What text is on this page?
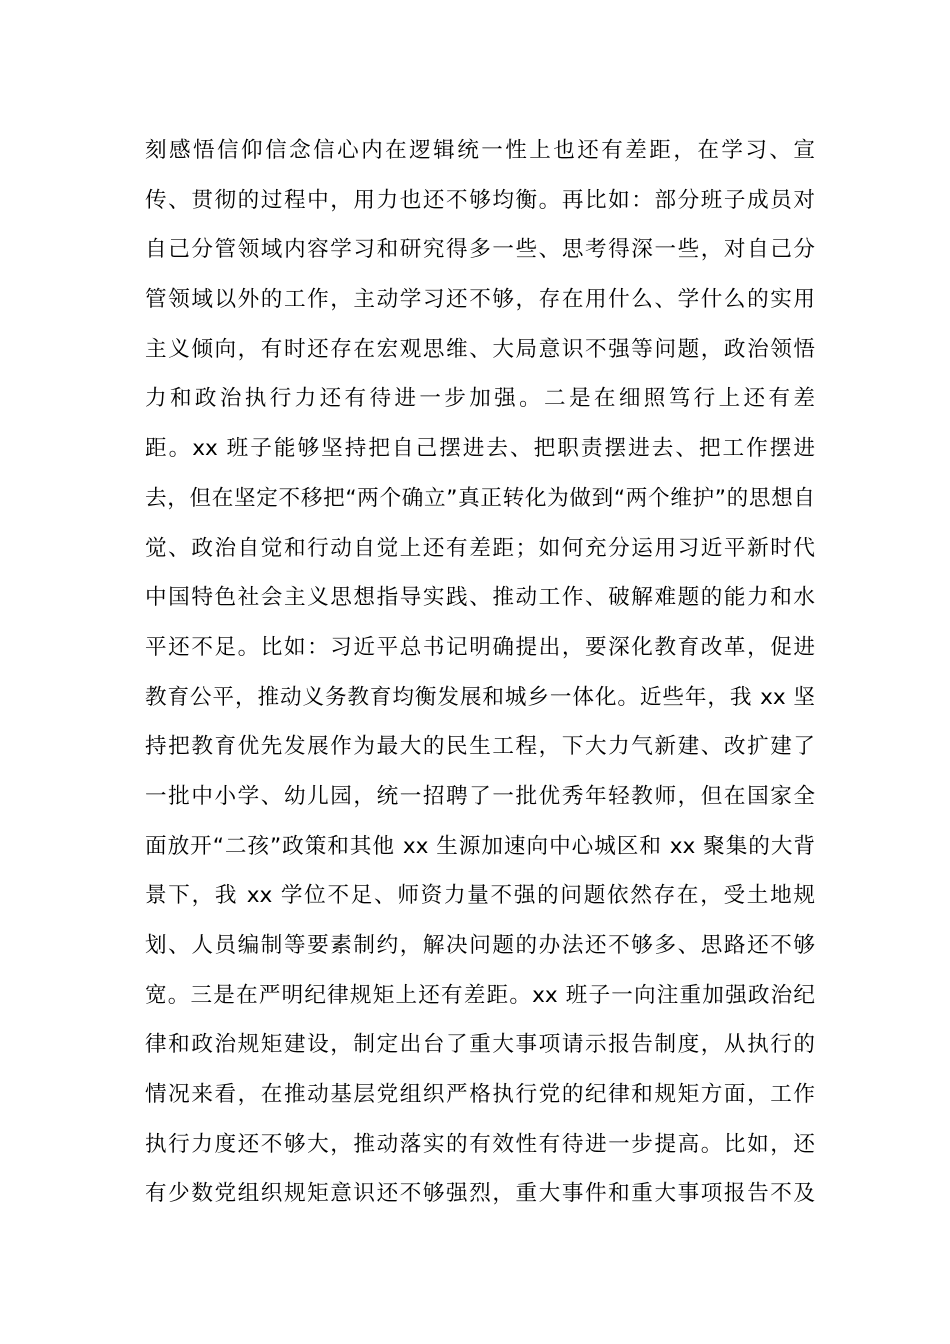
刻感悟信仰信念信心内在逻辑统一性上也还有差距，在学习、宣
传、贯彻的过程中，用力也还不够均衡。再比如：部分班子成员对
自己分管领域内容学习和研究得多一些、思考得深一些，对自己分
管领域以外的工作，主动学习还不够，存在用什么、学什么的实用
主义倾向，有时还存在宏观思维、大局意识不强等问题，政治领悟
力和政治执行力还有待进一步加强。二是在细照笃行上还有差
距。xx 班子能够坚持把自己摆进去、把职责摆进去、把工作摆进
去，但在坚定不移把“两个确立”真正转化为做到“两个维护”的思想自
觉、政治自觉和行动自觉上还有差距；如何充分运用习近平新时代
中国特色社会主义思想指导实践、推动工作、破解难题的能力和水
平还不足。比如：习近平总书记明确提出，要深化教育改革，促进
教育公平，推动义务教育均衡发展和城乡一体化。近些年，我 xx 坚
持把教育优先发展作为最大的民生工程，下大力气新建、改扩建了
一批中小学、幼儿园，统一招聘了一批优秀年轻教师，但在国家全
面放开“二孩”政策和其他 xx 生源加速向中心城区和 xx 聚集的大背
景下，我 xx 学位不足、师资力量不强的问题依然存在，受土地规
划、人员编制等要素制约，解决问题的办法还不够多、思路还不够
宽。三是在严明纪律规矩上还有差距。xx 班子一向注重加强政治纪
律和政治规矩建设，制定出台了重大事项请示报告制度，从执行的
情况来看，在推动基层党组织严格执行党的纪律和规矩方面，工作
执行力度还不够大，推动落实的有效性有待进一步提高。比如，还
有少数党组织规矩意识还不够强烈，重大事件和重大事项报告不及
